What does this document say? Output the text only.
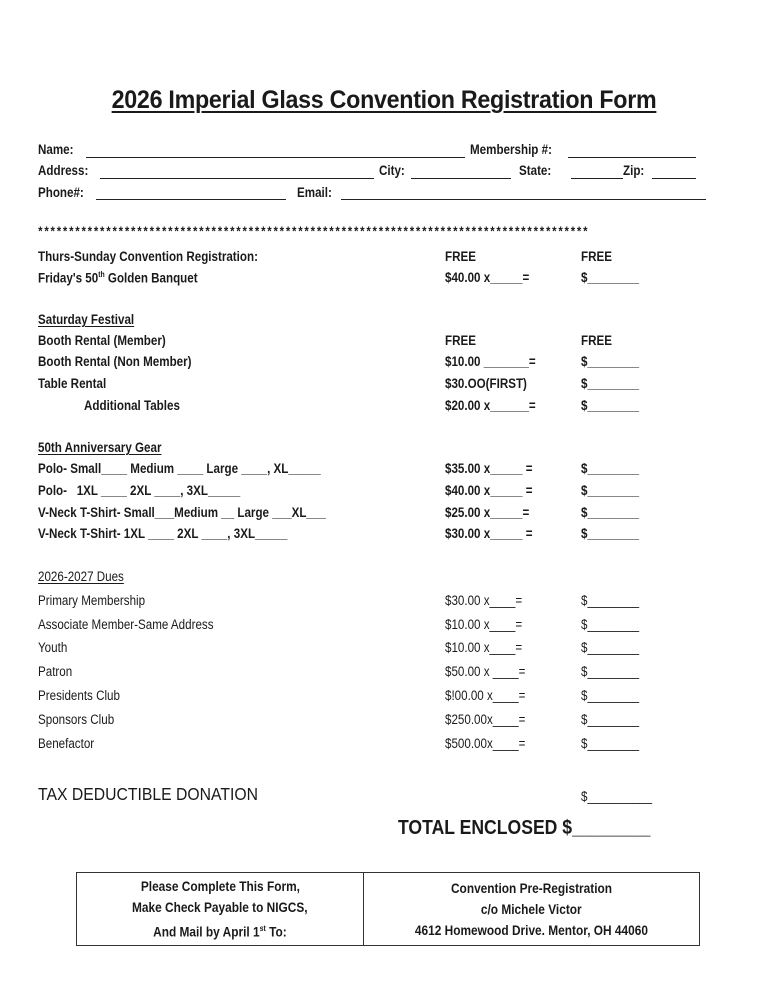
2026 Imperial Glass Convention Registration Form
Name:	Membership #:
Address:	City:	State:	Zip:
Phone#:	Email:
*****************************************************************************************
Thurs-Sunday Convention Registration:	FREE	FREE
Friday's 50th Golden Banquet	$40.00 x_____=	$________
Saturday Festival
Booth Rental (Member)	FREE	FREE
Booth Rental (Non Member)	$10.00 _______=	$________
Table Rental	$30.OO(FIRST)	$________
Additional Tables	$20.00 x______=	$________
50th Anniversary Gear
Polo- Small____ Medium ____ Large ____, XL_____	$35.00 x_____ =	$________
Polo-   1XL ____ 2XL ____, 3XL_____	$40.00 x_____ =	$________
V-Neck T-Shirt- Small___Medium __ Large ___XL___	$25.00 x_____=	$________
V-Neck T-Shirt- 1XL ____ 2XL ____, 3XL_____	$30.00 x_____ =	$________
2026-2027 Dues
Primary Membership	$30.00 x____=	$________
Associate Member-Same Address	$10.00 x____=	$________
Youth	$10.00 x____=	$________
Patron	$50.00 x ____=	$________
Presidents Club	$!00.00 x____=	$________
Sponsors Club	$250.00x____=	$________
Benefactor	$500.00x____=	$________
TAX DEDUCTIBLE DONATION	$__________
TOTAL ENCLOSED $________
Please Complete This Form,
Make Check Payable to NIGCS,
And Mail by April 1st To:
Convention Pre-Registration
c/o Michele Victor
4612 Homewood Drive. Mentor, OH 44060
